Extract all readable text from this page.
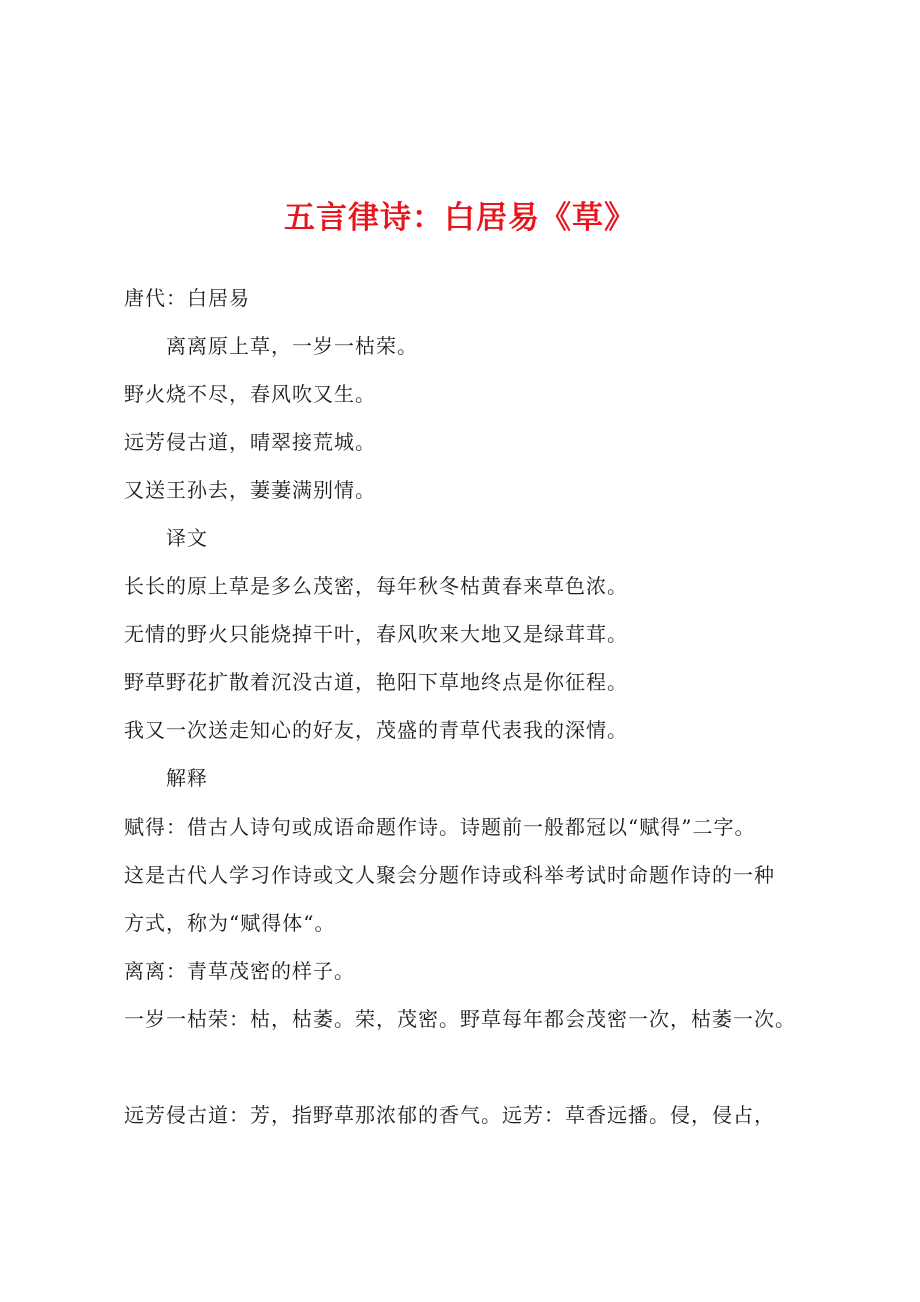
五言律诗：白居易《草》
唐代：白居易
离离原上草，一岁一枯荣。
野火烧不尽，春风吹又生。
远芳侵古道，晴翠接荒城。
又送王孙去，萋萋满别情。
译文
长长的原上草是多么茂密，每年秋冬枯黄春来草色浓。
无情的野火只能烧掉干叶，春风吹来大地又是绿茸茸。
野草野花扩散着沉没古道，艳阳下草地终点是你征程。
我又一次送走知心的好友，茂盛的青草代表我的深情。
解释
赋得：借古人诗句或成语命题作诗。诗题前一般都冠以“赋得”二字。
这是古代人学习作诗或文人聚会分题作诗或科举考试时命题作诗的一种
方式，称为“赋得体“。
离离：青草茂密的样子。
一岁一枯荣：枯，枯萎。荣，茂密。野草每年都会茂密一次，枯萎一次。
远芳侵古道：芳，指野草那浓郁的香气。远芳：草香远播。侵，侵占，
